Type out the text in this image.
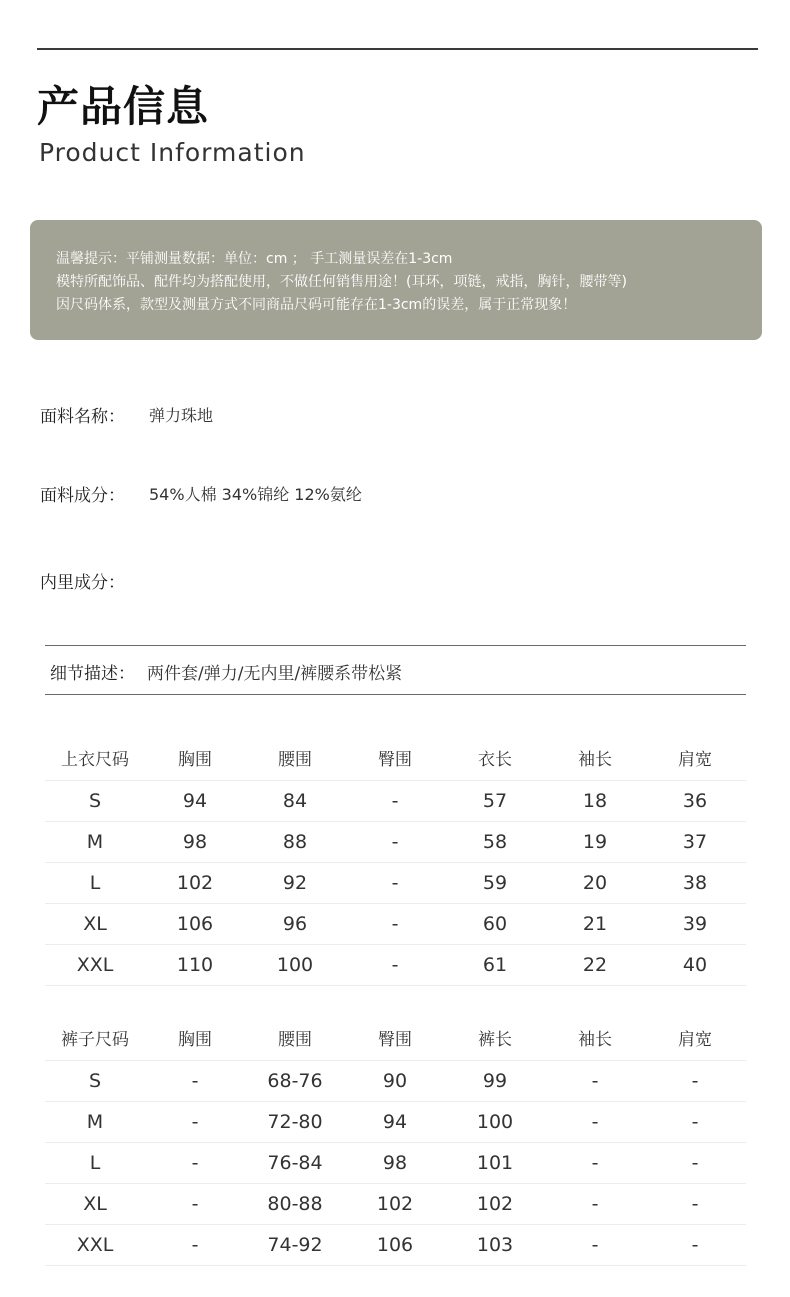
产品信息
Product Information
温馨提示：平铺测量数据：单位：cm ； 手工测量误差在1-3cm
模特所配饰品、配件均为搭配使用，不做任何销售用途！(耳环，项链，戒指，胸针，腰带等)
因尺码体系，款型及测量方式不同商品尺码可能存在1-3cm的误差，属于正常现象！
面料名称： 弹力珠地
面料成分： 54%人棉 34%锦纶 12%氨纶
内里成分：
细节描述： 两件套/弹力/无内里/裤腰系带松紧
上衣尺码	胸围	腰围	臀围	衣长	袖长	肩宽
S	94	84	-	57	18	36
M	98	88	-	58	19	37
L	102	92	-	59	20	38
XL	106	96	-	60	21	39
XXL	110	100	-	61	22	40
裤子尺码	胸围	腰围	臀围	裤长	袖长	肩宽
S	-	68-76	90	99	-	-
M	-	72-80	94	100	-	-
L	-	76-84	98	101	-	-
XL	-	80-88	102	102	-	-
XXL	-	74-92	106	103	-	-
